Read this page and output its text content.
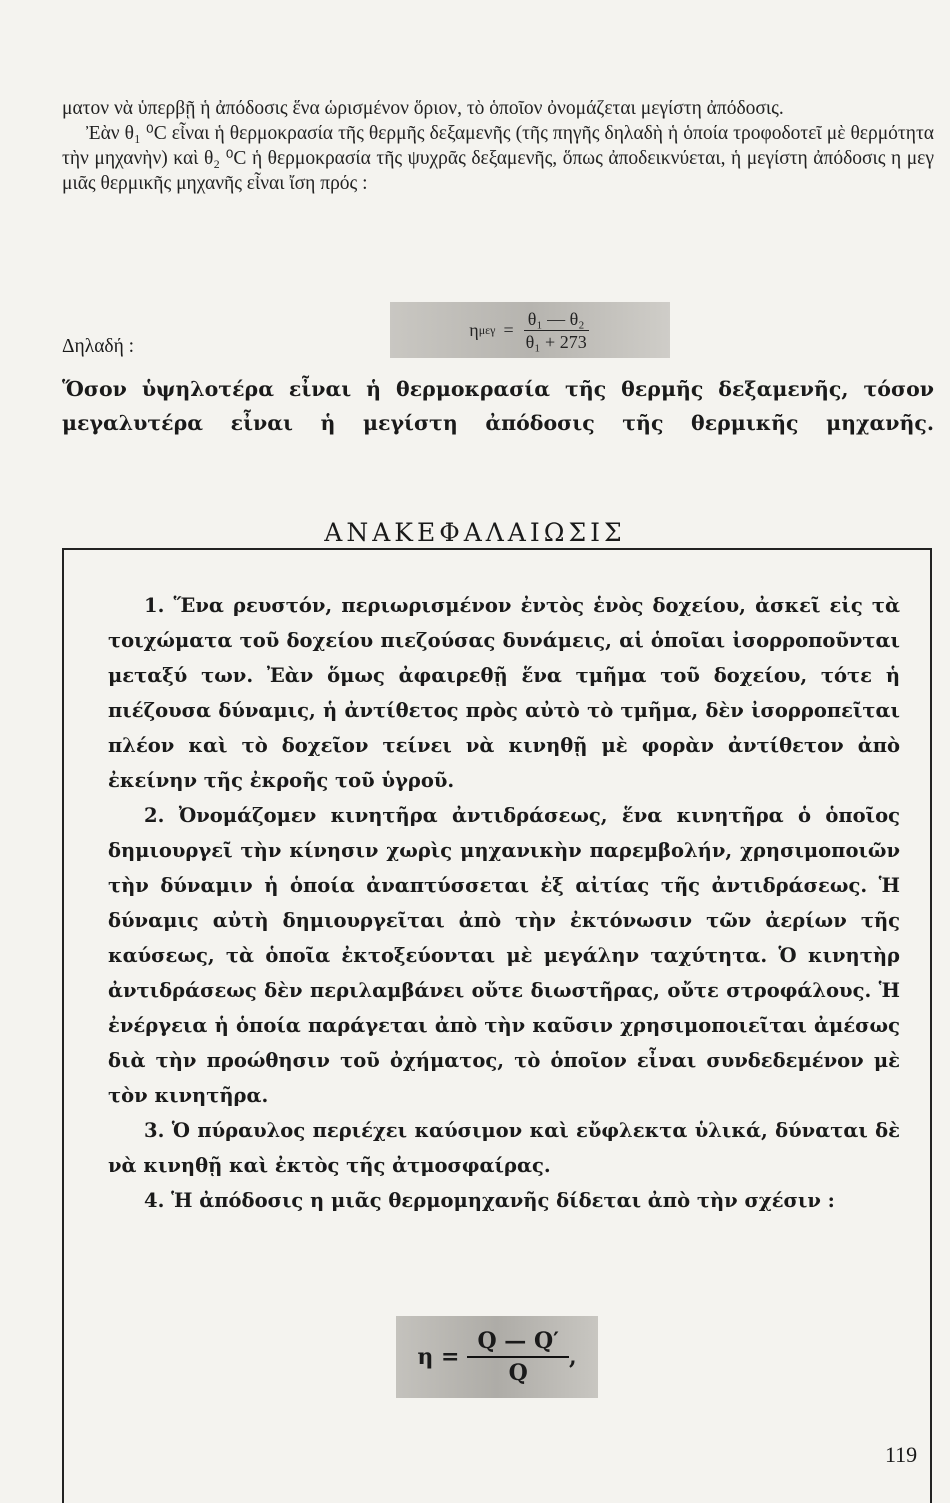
ματον νὰ ὑπερβῇ ἡ ἀπόδοσις ἕνα ὡρισμένον ὅριον, τὸ ὁποῖον ὀνομάζεται μεγίστη ἀπόδοσις.

Ἐὰν θ₁ ⁰C εἶναι ἡ θερμοκρασία τῆς θερμῆς δεξαμενῆς (τῆς πηγῆς δηλαδὴ ἡ ὁποία τροφοδοτεῖ μὲ θερμότητα τὴν μηχανὴν) καὶ θ₂ ⁰C ἡ θερμοκρασία τῆς ψυχρᾶς δεξαμενῆς, ὅπως ἀποδεικνύεται, ἡ μεγίστη ἀπόδοσις η μεγ μιᾶς θερμικῆς μηχανῆς εἶναι ἴση πρός :

Δηλαδή :
η $\mu\varepsilon\gamma = \frac{\text{θ₁ — θ₂}}{\text{θ₁ + 273}}$
Ὅσον ὑψηλοτέρα εἶναι ἡ θερμοκρασία τῆς θερμῆς δεξαμενῆς, τόσον μεγαλυτέρα εἶναι ἡ μεγίστη ἀπόδοσις τῆς θερμικῆς μηχανῆς.
ΑΝΑΚΕΦΑΛΑΙΩΣΙΣ

1. Ἕνα ρευστόν, περιωρισμένον ἐντὸς ἑνὸς δοχείου, ἀσκεῖ εἰς τὰ τοιχώματα τοῦ δοχείου πιεζούσας δυνάμεις, αἱ ὁποῖαι ἰσορροποῦνται μεταξύ των. Ἐὰν ὅμως ἀφαιρεθῇ ἕνα τμῆμα τοῦ δοχείου, τότε ἡ πιέζουσα δύναμις, ἡ ἀντίθετος πρὸς αὐτὸ τὸ τμῆμα, δὲν ἰσορροπεῖται πλέον καὶ τὸ δοχεῖον τείνει νὰ κινηθῇ μὲ φορὰν ἀντίθετον ἀπὸ ἐκείνην τῆς ἐκροῆς τοῦ ὑγροῦ.

2. Ὀνομάζομεν κινητῆρα ἀντιδράσεως, ἕνα κινητῆρα ὁ ὁποῖος δημιουργεῖ τὴν κίνησιν χωρὶς μηχανικὴν παρεμβολήν, χρησιμοποιῶν τὴν δύναμιν ἡ ὁποία ἀναπτύσσεται ἐξ αἰτίας τῆς ἀντιδράσεως. Ἡ δύναμις αὐτὴ δημιουργεῖται ἀπὸ τὴν ἐκτόνωσιν τῶν ἀερίων τῆς καύσεως, τὰ ὁποῖα ἐκτοξεύονται μὲ μεγάλην ταχύτητα. Ὁ κινητὴρ ἀντιδράσεως δὲν περιλαμβάνει οὔτε διωστῆρας, οὔτε στροφάλους. Ἡ ἐνέργεια ἡ ὁποία παράγεται ἀπὸ τὴν καῦσιν χρησιμοποιεῖται ἀμέσως διὰ τὴν προώθησιν τοῦ ὀχήματος, τὸ ὁποῖον εἶναι συνδεδεμένον μὲ τὸν κινητῆρα.

3. Ὁ πύραυλος περιέχει καύσιμον καὶ εὔφλεκτα ὑλικά, δύναται δὲ νὰ κινηθῇ καὶ ἐκτὸς τῆς ἀτμοσφαίρας.

4. Ἡ ἀπόδοσις η μιᾶς θερμομηχανῆς δίδεται ἀπὸ τὴν σχέσιν :

$\eta = \frac{Q — Q'}{Q}$ ,
119
